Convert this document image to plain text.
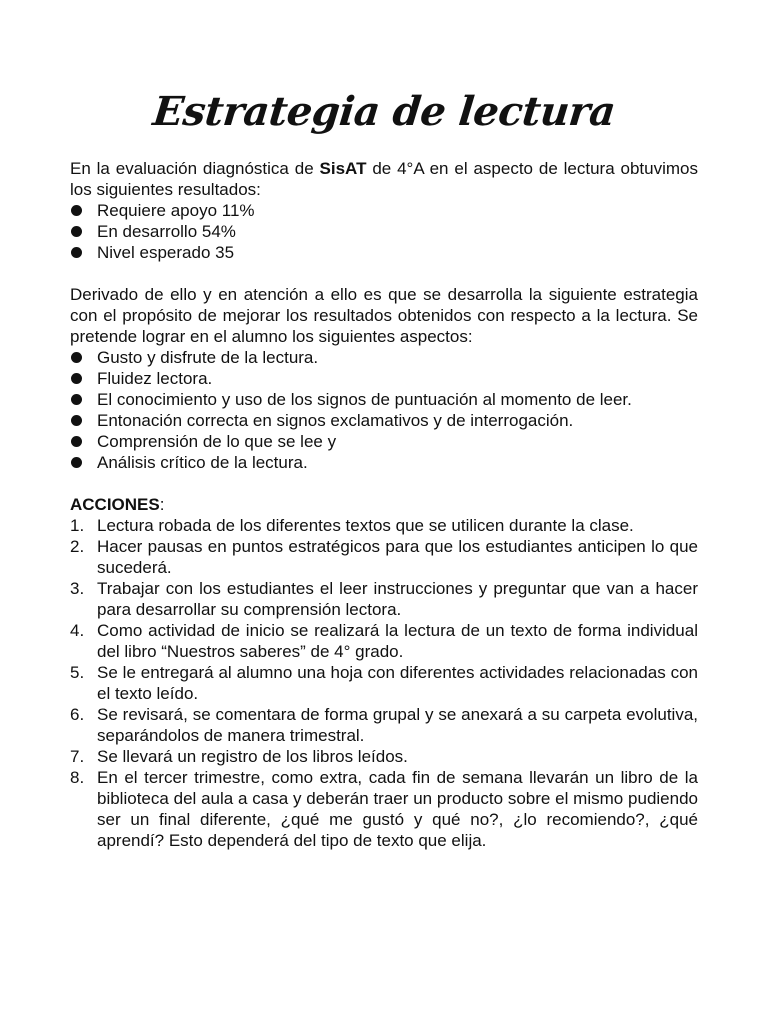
Estrategia de lectura

En la evaluación diagnóstica de SisAT de 4°A en el aspecto de lectura obtuvimos los siguientes resultados:

Requiere apoyo 11%
En desarrollo 54%
Nivel esperado 35

Derivado de ello y en atención a ello es que se desarrolla la siguiente estrategia con el propósito de mejorar los resultados obtenidos con respecto a la lectura. Se pretende lograr en el alumno los siguientes aspectos:

Gusto y disfrute de la lectura.
Fluidez lectora.
El conocimiento y uso de los signos de puntuación al momento de leer.
Entonación correcta en signos exclamativos y de interrogación.
Comprensión de lo que se lee y
Análisis crítico de la lectura.

ACCIONES:

1. Lectura robada de los diferentes textos que se utilicen durante la clase.
2. Hacer pausas en puntos estratégicos para que los estudiantes anticipen lo que sucederá.
3. Trabajar con los estudiantes el leer instrucciones y preguntar que van a hacer para desarrollar su comprensión lectora.
4. Como actividad de inicio se realizará la lectura de un texto de forma individual del libro “Nuestros saberes” de 4° grado.
5. Se le entregará al alumno una hoja con diferentes actividades relacionadas con el texto leído.
6. Se revisará, se comentara de forma grupal y se anexará a su carpeta evolutiva, separándolos de manera trimestral.
7. Se llevará un registro de los libros leídos.
8. En el tercer trimestre, como extra, cada fin de semana llevarán un libro de la biblioteca del aula a casa y deberán traer un producto sobre el mismo pudiendo ser un final diferente, ¿qué me gustó y qué no?, ¿lo recomiendo?, ¿qué aprendí? Esto dependerá del tipo de texto que elija.
